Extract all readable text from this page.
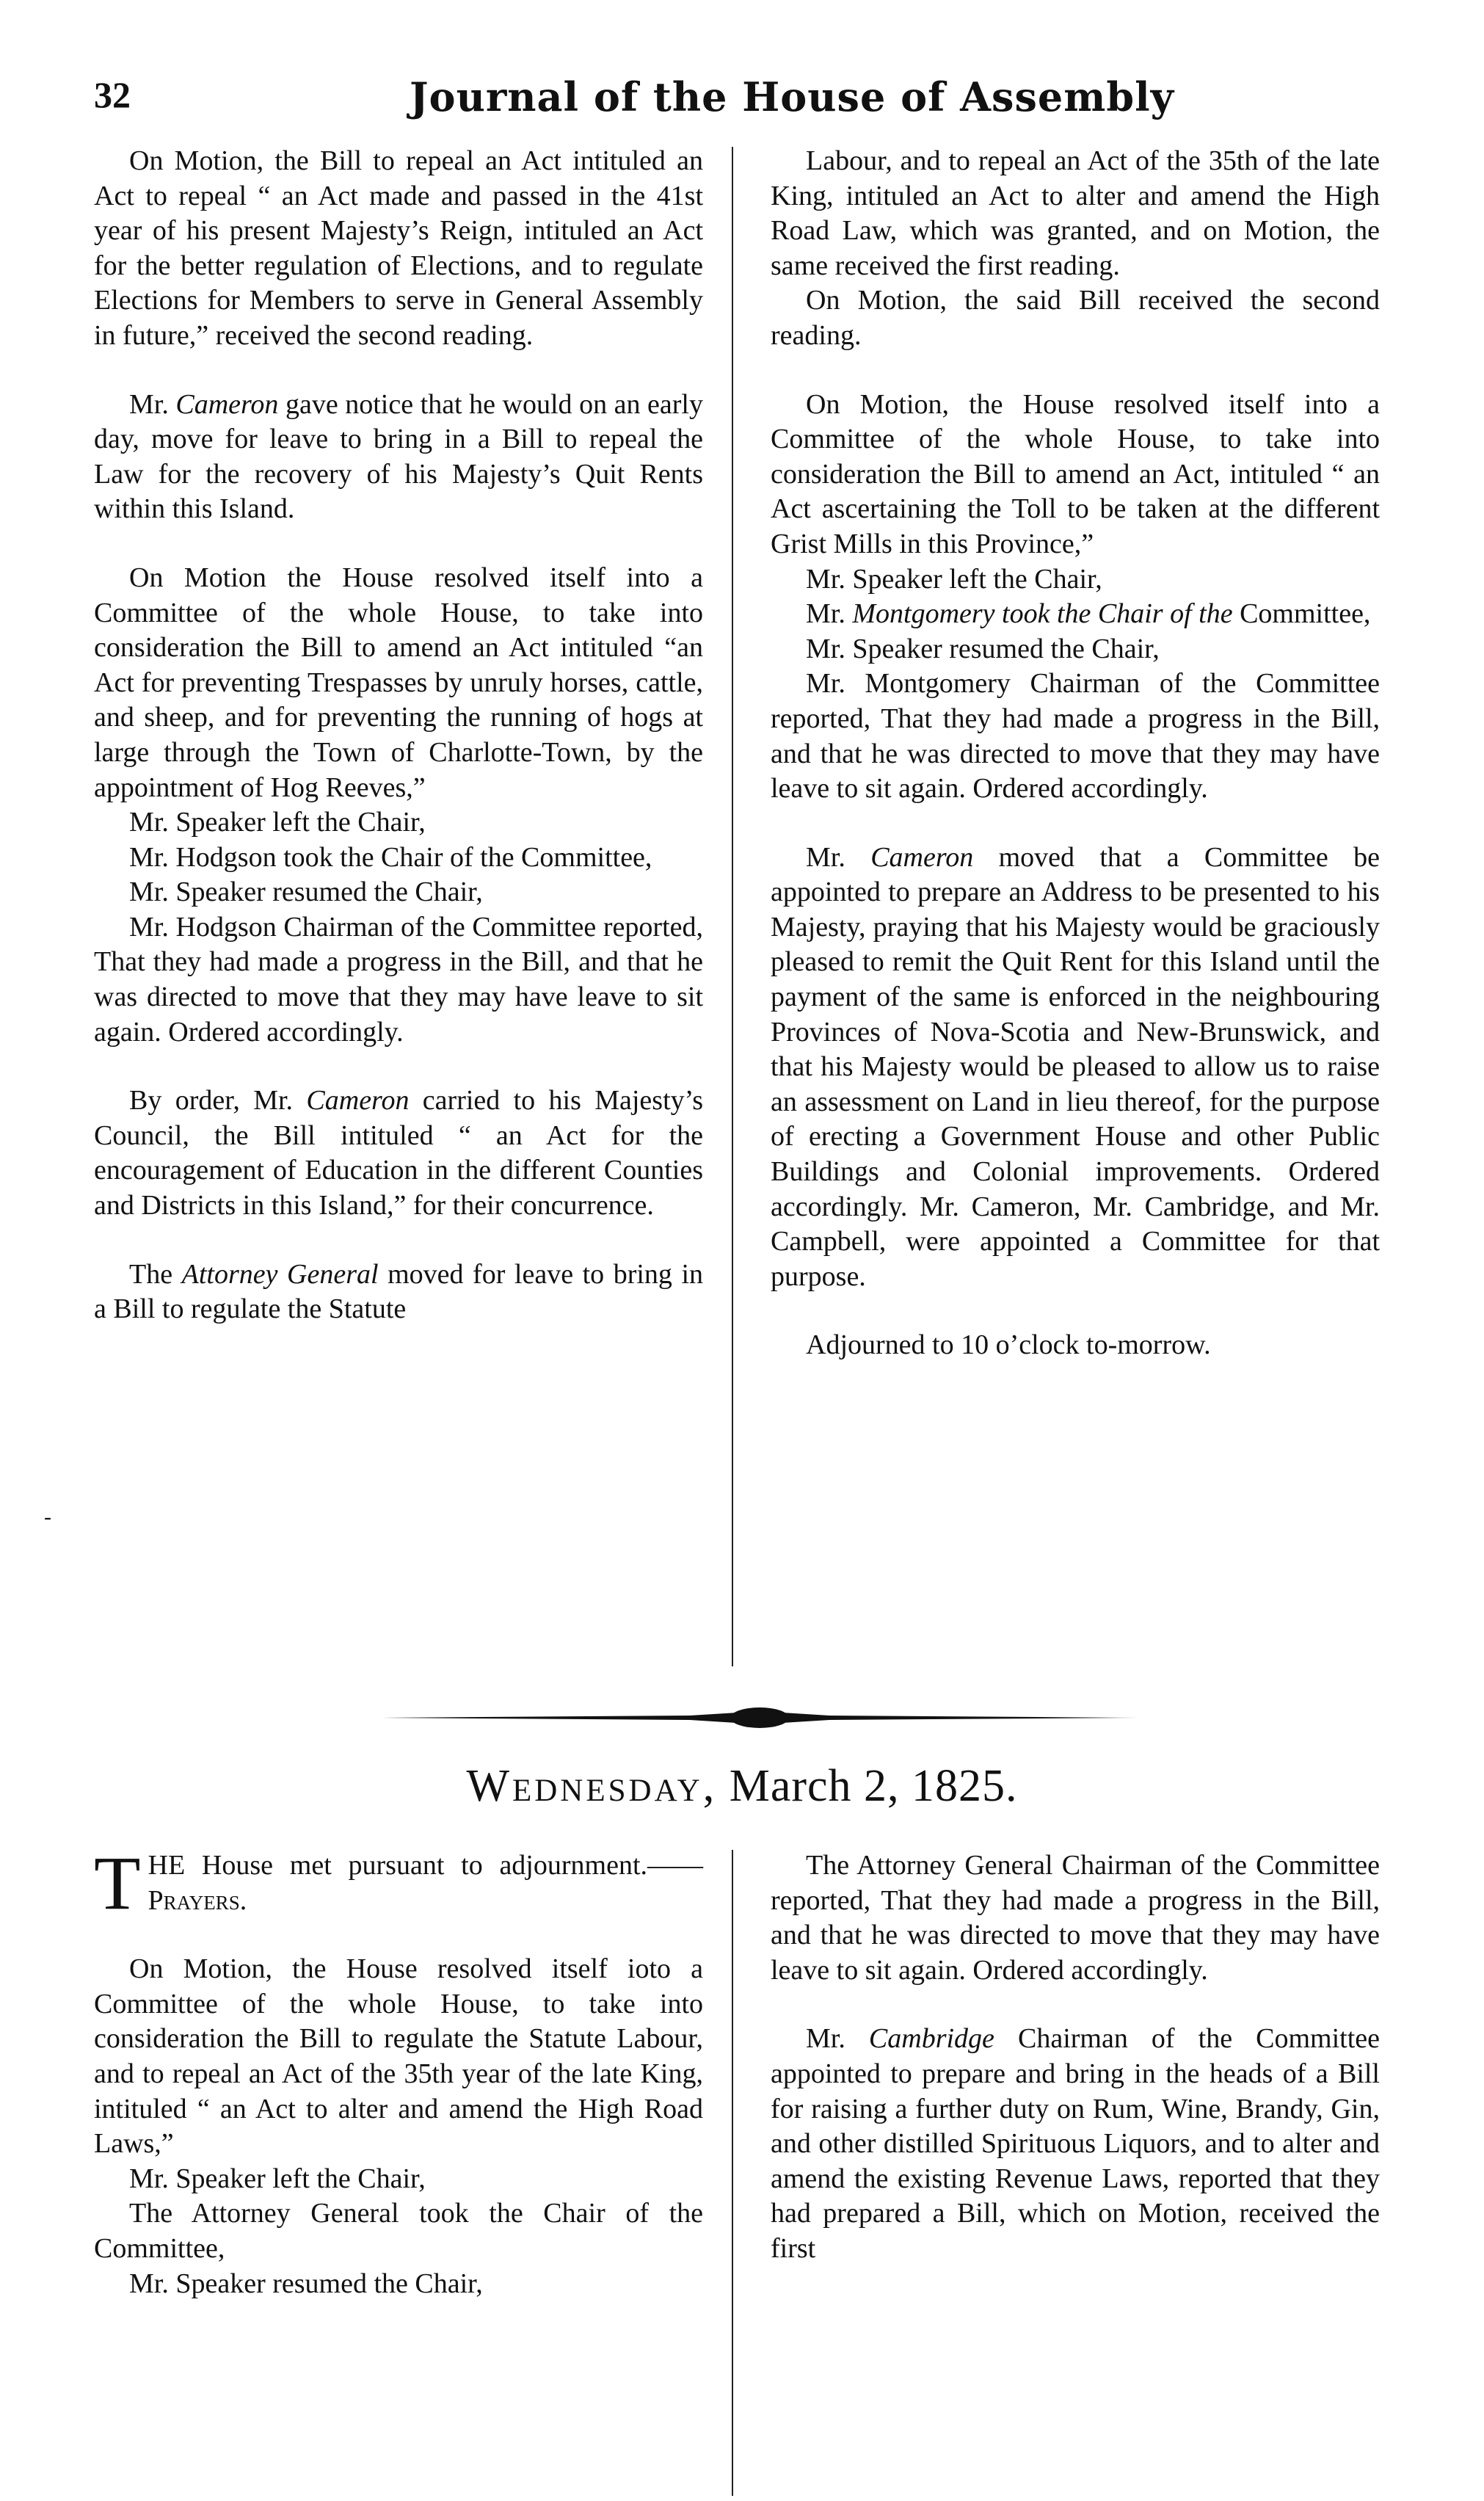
32	Journal of the House of Assembly

On Motion, the Bill to repeal an Act intituled an Act to repeal “ an Act made and passed in the 41st year of his present Majesty’s Reign, intituled an Act for the better regulation of Elections, and to regulate Elections for Members to serve in General Assembly in future,” received the second reading.

Mr. Cameron gave notice that he would on an early day, move for leave to bring in a Bill to repeal the Law for the recovery of his Majesty’s Quit Rents within this Island.

On Motion the House resolved itself into a Committee of the whole House, to take into consideration the Bill to amend an Act intituled “an Act for preventing Trespasses by unruly horses, cattle, and sheep, and for preventing the running of hogs at large through the Town of Charlotte-Town, by the appointment of Hog Reeves,”

Mr. Speaker left the Chair,

Mr. Hodgson took the Chair of the Committee,

Mr. Speaker resumed the Chair,

Mr. Hodgson Chairman of the Committee reported, That they had made a progress in the Bill, and that he was directed to move that they may have leave to sit again. Ordered accordingly.

By order, Mr. Cameron carried to his Majesty’s Council, the Bill intituled “ an Act for the encouragement of Education in the different Counties and Districts in this Island,” for their concurrence.

The Attorney General moved for leave to bring in a Bill to regulate the Statute

Labour, and to repeal an Act of the 35th of the late King, intituled an Act to alter and amend the High Road Law, which was granted, and on Motion, the same received the first reading.

On Motion, the said Bill received the second reading.

On Motion, the House resolved itself into a Committee of the whole House, to take into consideration the Bill to amend an Act, intituled “ an Act ascertaining the Toll to be taken at the different Grist Mills in this Province,”

Mr. Speaker left the Chair,

Mr. Montgomery took the Chair of the Committee,

Mr. Speaker resumed the Chair,

Mr. Montgomery Chairman of the Committee reported, That they had made a progress in the Bill, and that he was directed to move that they may have leave to sit again. Ordered accordingly.

Mr. Cameron moved that a Committee be appointed to prepare an Address to be presented to his Majesty, praying that his Majesty would be graciously pleased to remit the Quit Rent for this Island until the payment of the same is enforced in the neighbouring Provinces of Nova-Scotia and New-Brunswick, and that his Majesty would be pleased to allow us to raise an assessment on Land in lieu thereof, for the purpose of erecting a Government House and other Public Buildings and Colonial improvements. Ordered accordingly. Mr. Cameron, Mr. Cambridge, and Mr. Campbell, were appointed a Committee for that purpose.

Adjourned to 10 o’clock to-morrow.

-
Wednesday, March 2, 1825.

THE House met pursuant to adjournment.——Prayers.

On Motion, the House resolved itself ioto a Committee of the whole House, to take into consideration the Bill to regulate the Statute Labour, and to repeal an Act of the 35th year of the late King, intituled “ an Act to alter and amend the High Road Laws,”

Mr. Speaker left the Chair,

The Attorney General took the Chair of the Committee,

Mr. Speaker resumed the Chair,

The Attorney General Chairman of the Committee reported, That they had made a progress in the Bill, and that he was directed to move that they may have leave to sit again. Ordered accordingly.

Mr. Cambridge Chairman of the Committee appointed to prepare and bring in the heads of a Bill for raising a further duty on Rum, Wine, Brandy, Gin, and other distilled Spirituous Liquors, and to alter and amend the existing Revenue Laws, reported that they had prepared a Bill, which on Motion, received the first
